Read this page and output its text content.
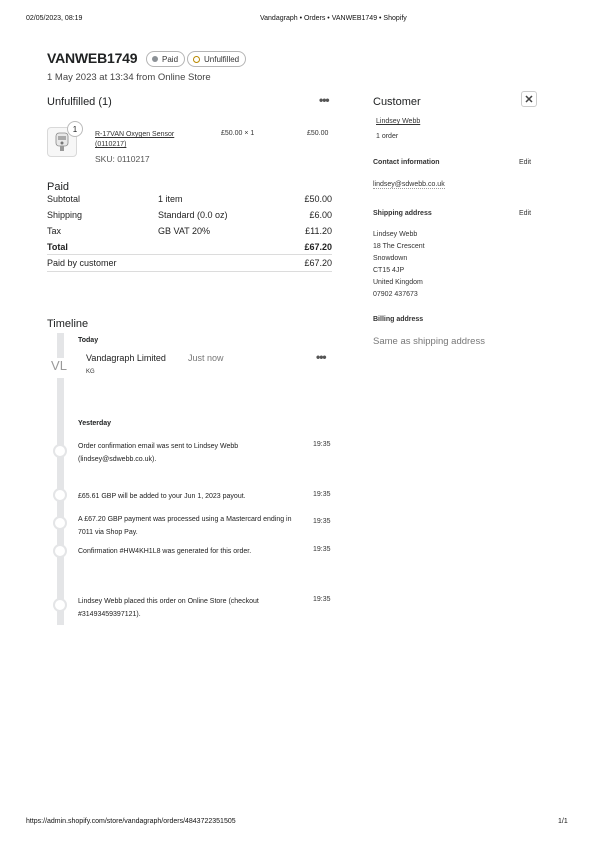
02/05/2023, 08:19	Vandagraph • Orders • VANWEB1749 • Shopify
https://admin.shopify.com/store/vandagraph/orders/4843722351505	1/1
VANWEB1749	Paid	Unfulfilled
1 May 2023 at 13:34 from Online Store
Unfulfilled (1)	•••
1
R-17VAN Oxygen Sensor (0110217)
£50.00 × 1	£50.00
SKU: 0110217
Paid
Subtotal	1 item	£50.00
Shipping	Standard (0.0 oz)	£6.00
Tax	GB VAT 20%	£11.20
Total	£67.20
Paid by customer	£67.20
Timeline
Today
VL	Vandagraph Limited Just now
KG
•••
Yesterday
Order confirmation email was sent to Lindsey Webb (lindsey@sdwebb.co.uk).
19:35
£65.61 GBP will be added to your Jun 1, 2023 payout.	19:35
A £67.20 GBP payment was processed using a Mastercard ending in 7011 via Shop Pay.
19:35
Confirmation #HW4KH1L8 was generated for this order.	19:35
Lindsey Webb placed this order on Online Store (checkout #31493459397121).
19:35
Customer	✕
Lindsey Webb
1 order
Contact information	Edit
lindsey@sdwebb.co.uk
Shipping address	Edit
Lindsey Webb
18 The Crescent
Snowdown
CT15 4JP
United Kingdom
07902 437673
Billing address
Same as shipping address
